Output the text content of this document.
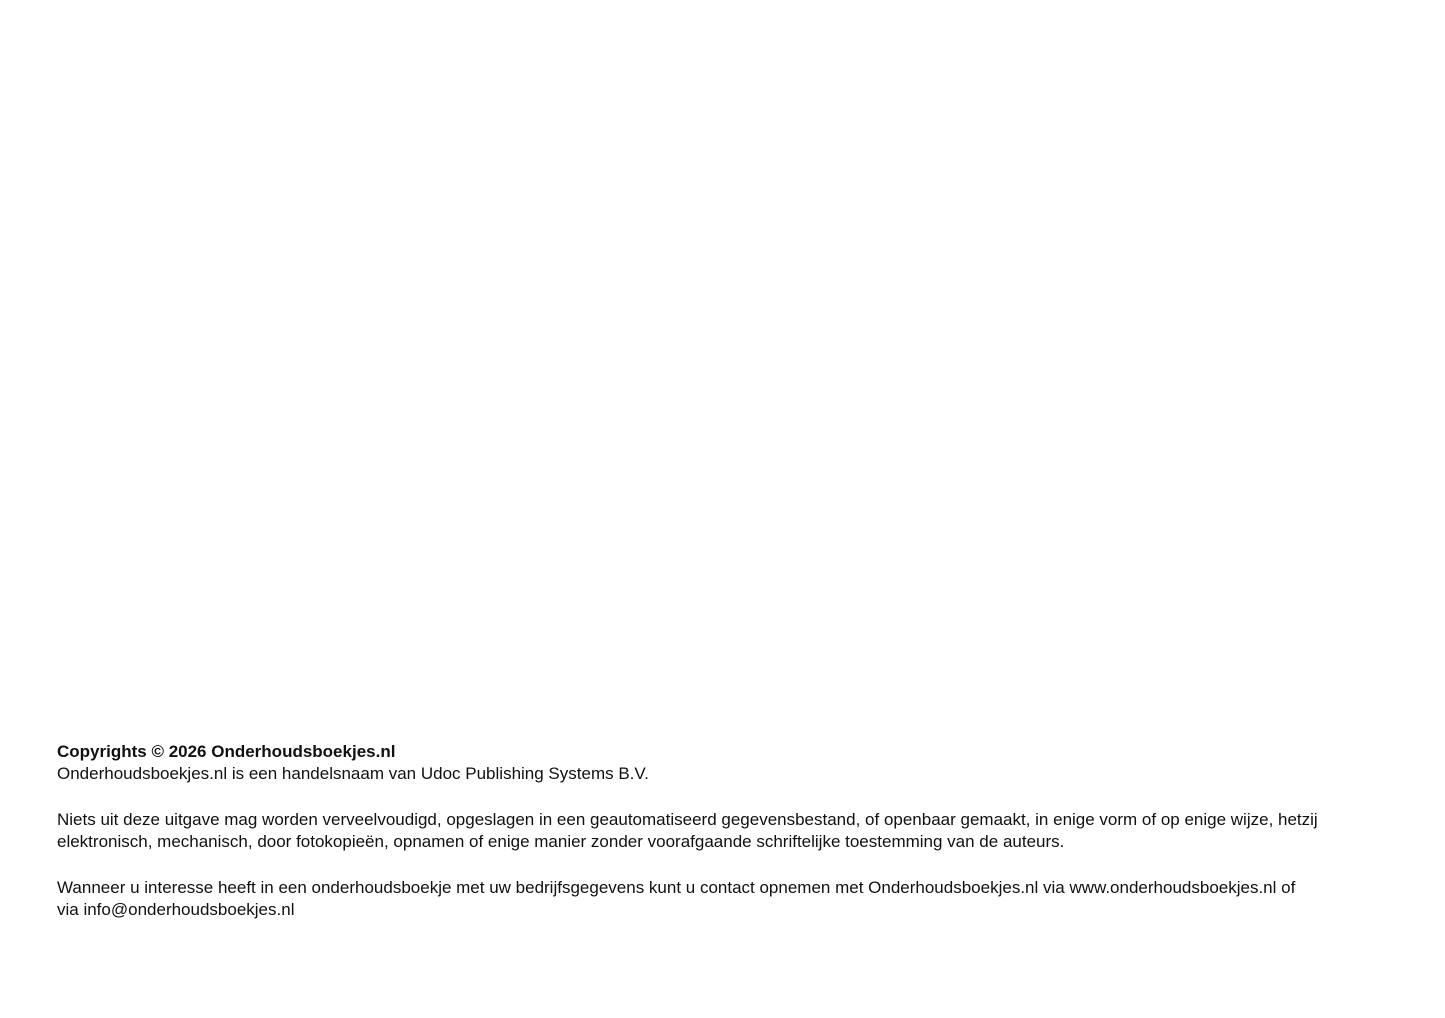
Copyrights © 2026 Onderhoudsboekjes.nl
Onderhoudsboekjes.nl is een handelsnaam van Udoc Publishing Systems B.V.

Niets uit deze uitgave mag worden verveelvoudigd, opgeslagen in een geautomatiseerd gegevensbestand, of openbaar gemaakt, in enige vorm of op enige wijze, hetzij elektronisch, mechanisch, door fotokopieën, opnamen of enige manier zonder voorafgaande schriftelijke toestemming van de auteurs.

Wanneer u interesse heeft in een onderhoudsboekje met uw bedrijfsgegevens kunt u contact opnemen met Onderhoudsboekjes.nl via www.onderhoudsboekjes.nl of via info@onderhoudsboekjes.nl
